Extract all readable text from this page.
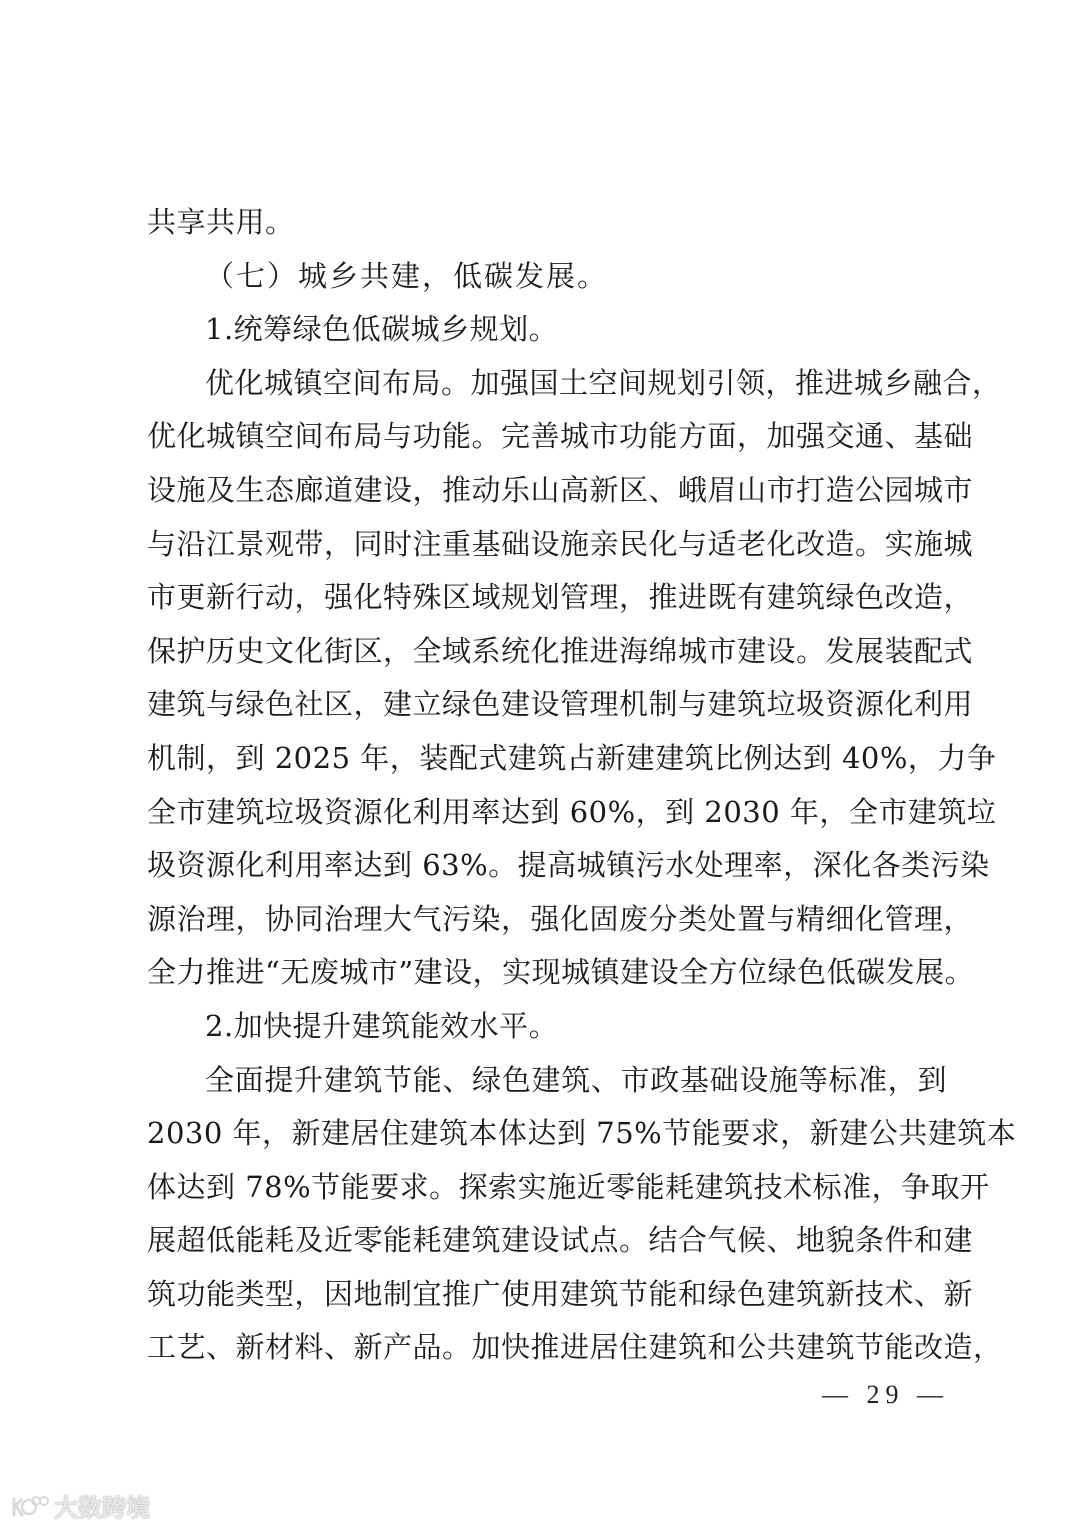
共享共用。
（七）城乡共建，低碳发展。
1.统筹绿色低碳城乡规划。
优化城镇空间布局。加强国土空间规划引领，推进城乡融合，
优化城镇空间布局与功能。完善城市功能方面，加强交通、基础
设施及生态廊道建设，推动乐山高新区、峨眉山市打造公园城市
与沿江景观带，同时注重基础设施亲民化与适老化改造。实施城
市更新行动，强化特殊区域规划管理，推进既有建筑绿色改造，
保护历史文化街区，全域系统化推进海绵城市建设。发展装配式
建筑与绿色社区，建立绿色建设管理机制与建筑垃圾资源化利用
机制，到 2025 年，装配式建筑占新建建筑比例达到 40%，力争
全市建筑垃圾资源化利用率达到 60%，到 2030 年，全市建筑垃
圾资源化利用率达到 63%。提高城镇污水处理率，深化各类污染
源治理，协同治理大气污染，强化固废分类处置与精细化管理，
全力推进“无废城市”建设，实现城镇建设全方位绿色低碳发展。
2.加快提升建筑能效水平。
全面提升建筑节能、绿色建筑、市政基础设施等标准，到
2030 年，新建居住建筑本体达到 75%节能要求，新建公共建筑本
体达到 78%节能要求。探索实施近零能耗建筑技术标准，争取开
展超低能耗及近零能耗建筑建设试点。结合气候、地貌条件和建
筑功能类型，因地制宜推广使用建筑节能和绿色建筑新技术、新
工艺、新材料、新产品。加快推进居住建筑和公共建筑节能改造，
— 29 —
大数跨境
